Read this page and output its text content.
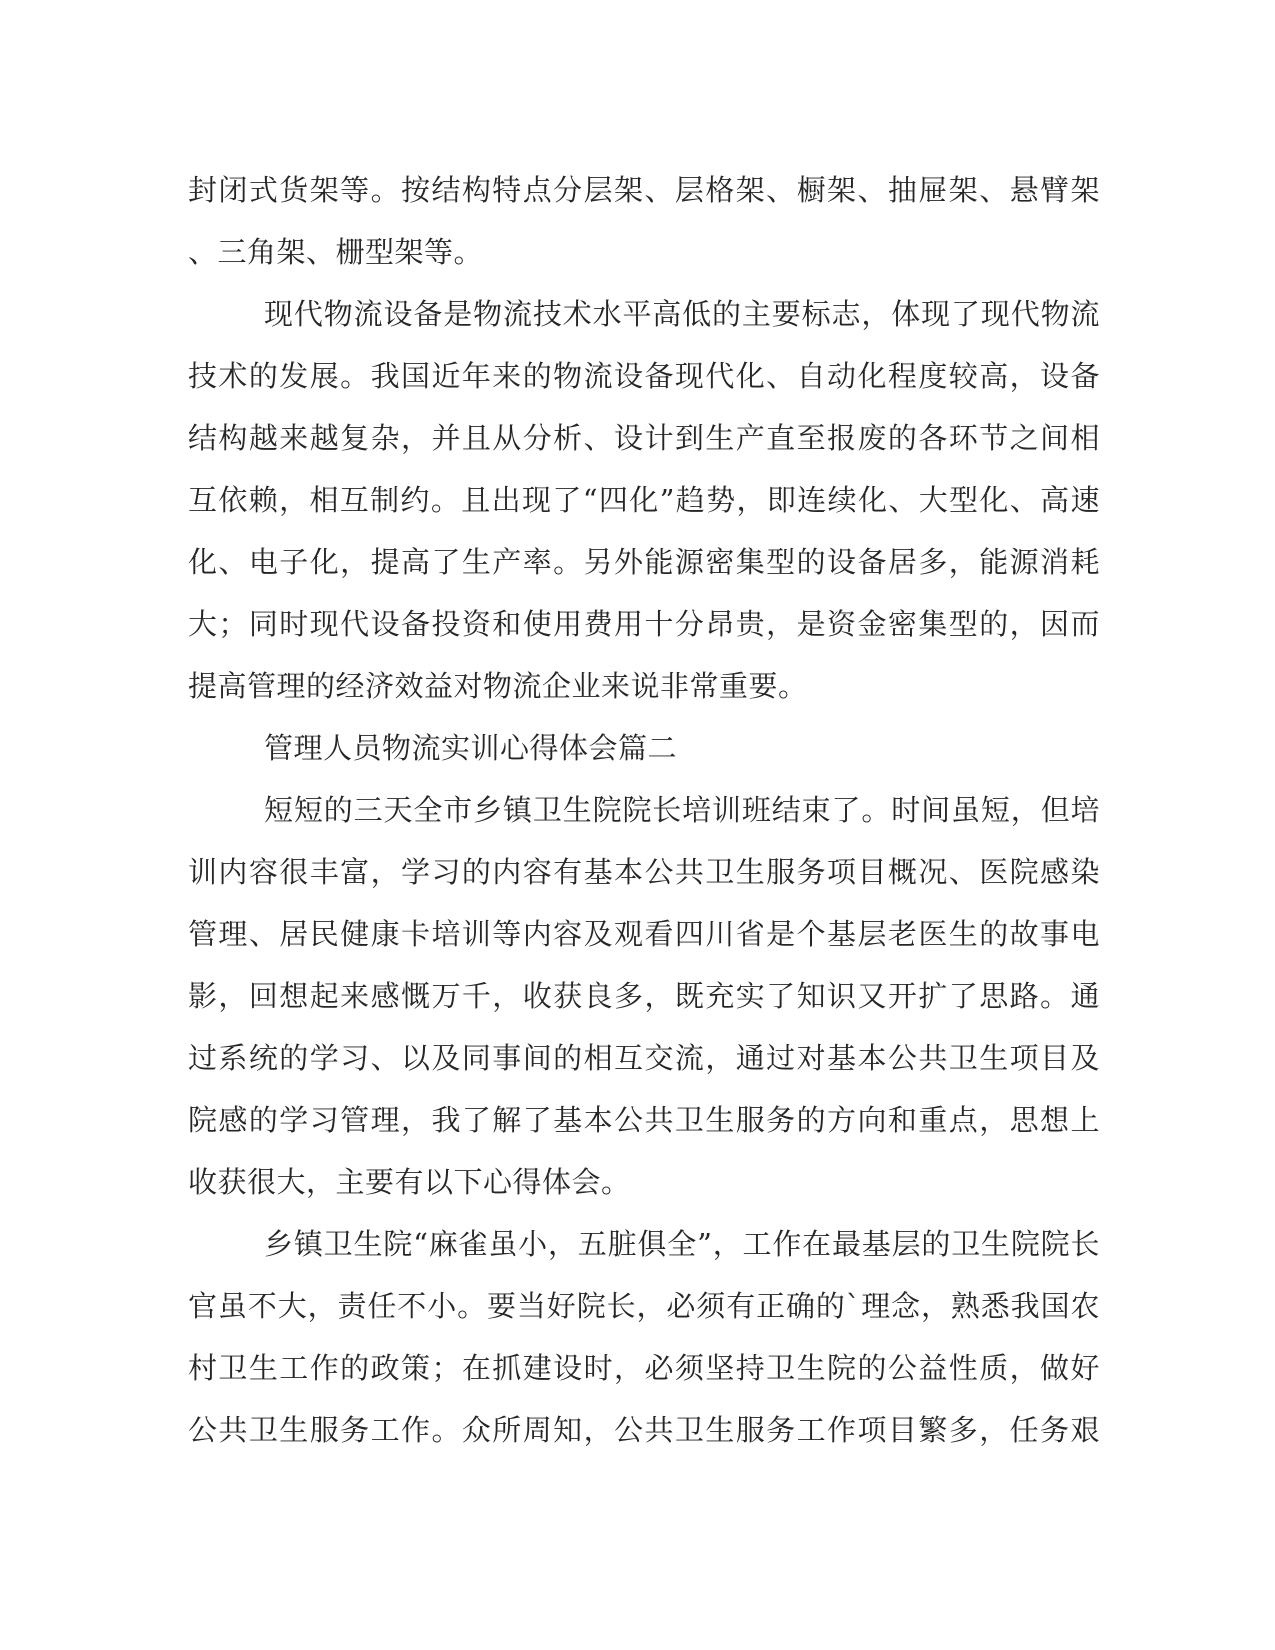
封闭式货架等。按结构特点分层架、层格架、橱架、抽屉架、悬臂架
、三角架、栅型架等。
现代物流设备是物流技术水平高低的主要标志，体现了现代物流
技术的发展。我国近年来的物流设备现代化、自动化程度较高，设备
结构越来越复杂，并且从分析、设计到生产直至报废的各环节之间相
互依赖，相互制约。且出现了“四化”趋势，即连续化、大型化、高速
化、电子化，提高了生产率。另外能源密集型的设备居多，能源消耗
大；同时现代设备投资和使用费用十分昂贵，是资金密集型的，因而
提高管理的经济效益对物流企业来说非常重要。
管理人员物流实训心得体会篇二
短短的三天全市乡镇卫生院院长培训班结束了。时间虽短，但培
训内容很丰富，学习的内容有基本公共卫生服务项目概况、医院感染
管理、居民健康卡培训等内容及观看四川省是个基层老医生的故事电
影，回想起来感慨万千，收获良多，既充实了知识又开扩了思路。通
过系统的学习、以及同事间的相互交流，通过对基本公共卫生项目及
院感的学习管理，我了解了基本公共卫生服务的方向和重点，思想上
收获很大，主要有以下心得体会。
乡镇卫生院“麻雀虽小，五脏俱全”，工作在最基层的卫生院院长
官虽不大，责任不小。要当好院长，必须有正确的`理念，熟悉我国农
村卫生工作的政策；在抓建设时，必须坚持卫生院的公益性质，做好
公共卫生服务工作。众所周知，公共卫生服务工作项目繁多，任务艰
